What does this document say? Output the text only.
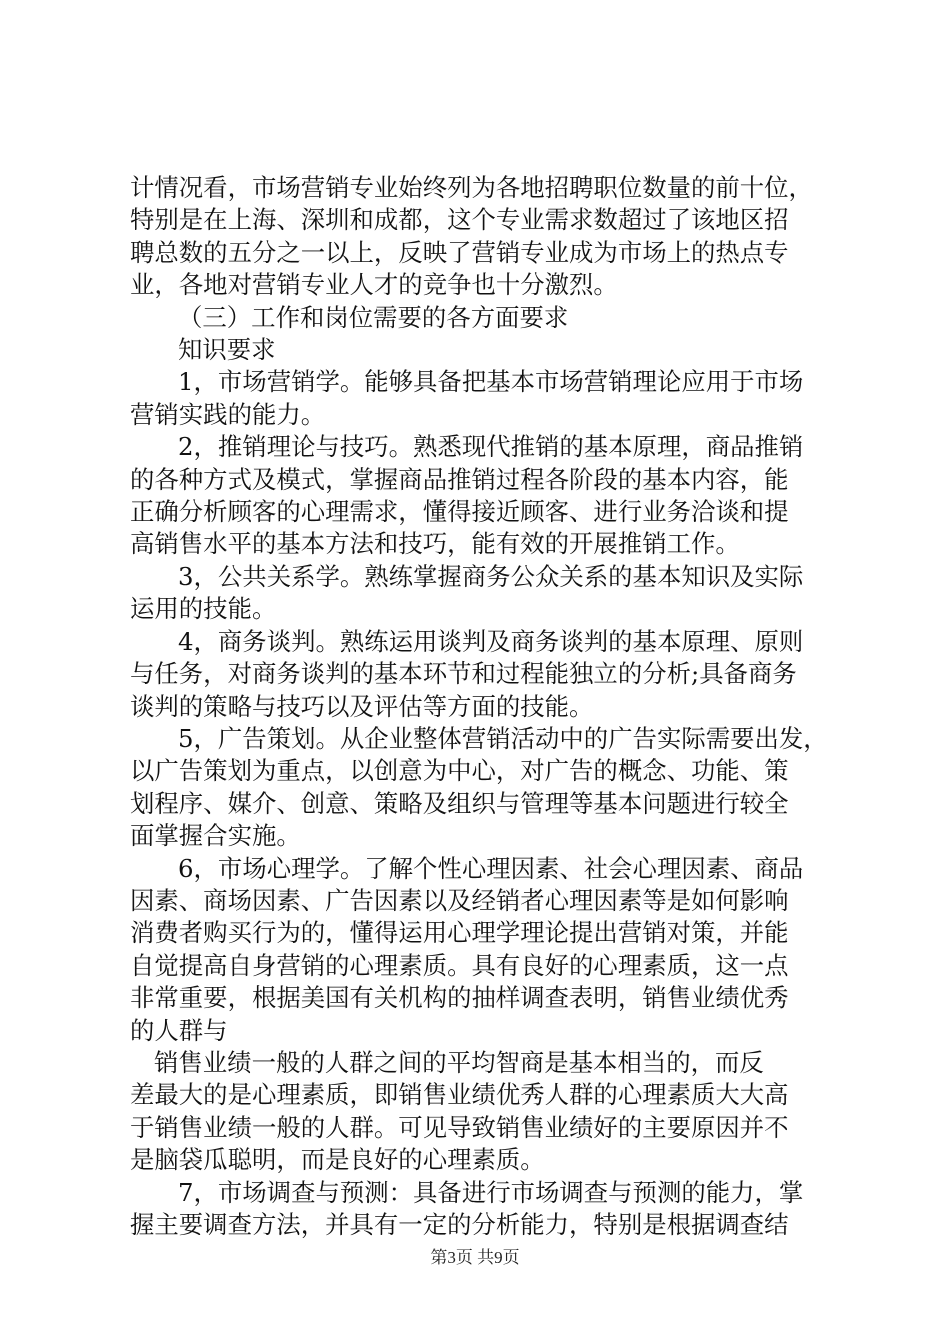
计情况看，市场营销专业始终列为各地招聘职位数量的前十位，

特别是在上海、深圳和成都，这个专业需求数超过了该地区招

聘总数的五分之一以上，反映了营销专业成为市场上的热点专

业，各地对营销专业人才的竞争也十分激烈。

（三）工作和岗位需要的各方面要求

知识要求

1，市场营销学。能够具备把基本市场营销理论应用于市场

营销实践的能力。

2，推销理论与技巧。熟悉现代推销的基本原理，商品推销

的各种方式及模式，掌握商品推销过程各阶段的基本内容，能

正确分析顾客的心理需求，懂得接近顾客、进行业务洽谈和提

高销售水平的基本方法和技巧，能有效的开展推销工作。

3，公共关系学。熟练掌握商务公众关系的基本知识及实际

运用的技能。

4，商务谈判。熟练运用谈判及商务谈判的基本原理、原则

与任务，对商务谈判的基本环节和过程能独立的分析;具备商务

谈判的策略与技巧以及评估等方面的技能。

5，广告策划。从企业整体营销活动中的广告实际需要出发，

以广告策划为重点，以创意为中心，对广告的概念、功能、策

划程序、媒介、创意、策略及组织与管理等基本问题进行较全

面掌握合实施。

6，市场心理学。了解个性心理因素、社会心理因素、商品

因素、商场因素、广告因素以及经销者心理因素等是如何影响

消费者购买行为的，懂得运用心理学理论提出营销对策，并能

自觉提高自身营销的心理素质。具有良好的心理素质，这一点

非常重要，根据美国有关机构的抽样调查表明，销售业绩优秀

的人群与

销售业绩一般的人群之间的平均智商是基本相当的，而反

差最大的是心理素质，即销售业绩优秀人群的心理素质大大高

于销售业绩一般的人群。可见导致销售业绩好的主要原因并不

是脑袋瓜聪明，而是良好的心理素质。

7，市场调查与预测：具备进行市场调查与预测的能力，掌

握主要调查方法，并具有一定的分析能力，特别是根据调查结

第3页 共9页
